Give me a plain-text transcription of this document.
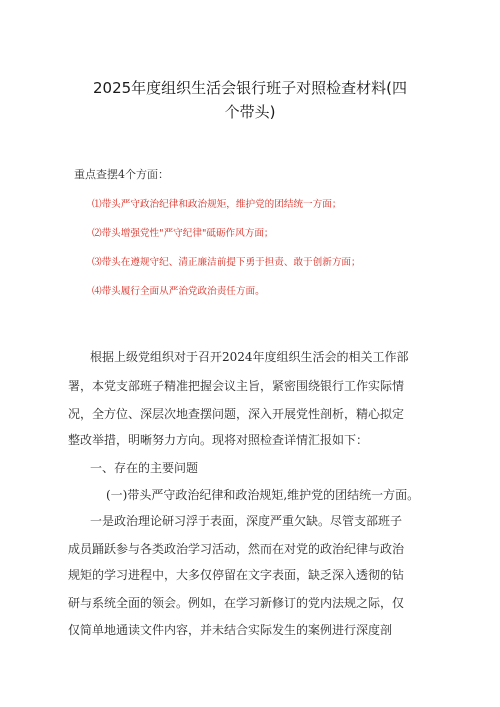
2025年度组织生活会银行班子对照检查材料(四
个带头)
重点查摆4个方面：
⑴带头严守政治纪律和政治规矩，维护党的团结统一方面；
⑵带头增强党性"严守纪律"砥砺作风方面；
⑶带头在遵规守纪、清正廉洁前提下勇于担责、敢于创新方面；
⑷带头履行全面从严治党政治责任方面。
根据上级党组织对于召开2024年度组织生活会的相关工作部
署，本党支部班子精准把握会议主旨，紧密围绕银行工作实际情
况，全方位、深层次地查摆问题，深入开展党性剖析，精心拟定
整改举措，明晰努力方向。现将对照检查详情汇报如下：
一、存在的主要问题
(一)带头严守政治纪律和政治规矩,维护党的团结统一方面。
一是政治理论研习浮于表面，深度严重欠缺。尽管支部班子
成员踊跃参与各类政治学习活动，然而在对党的政治纪律与政治
规矩的学习进程中，大多仅停留在文字表面，缺乏深入透彻的钻
研与系统全面的领会。例如，在学习新修订的党内法规之际，仅
仅简单地通读文件内容，并未结合实际发生的案例进行深度剖
